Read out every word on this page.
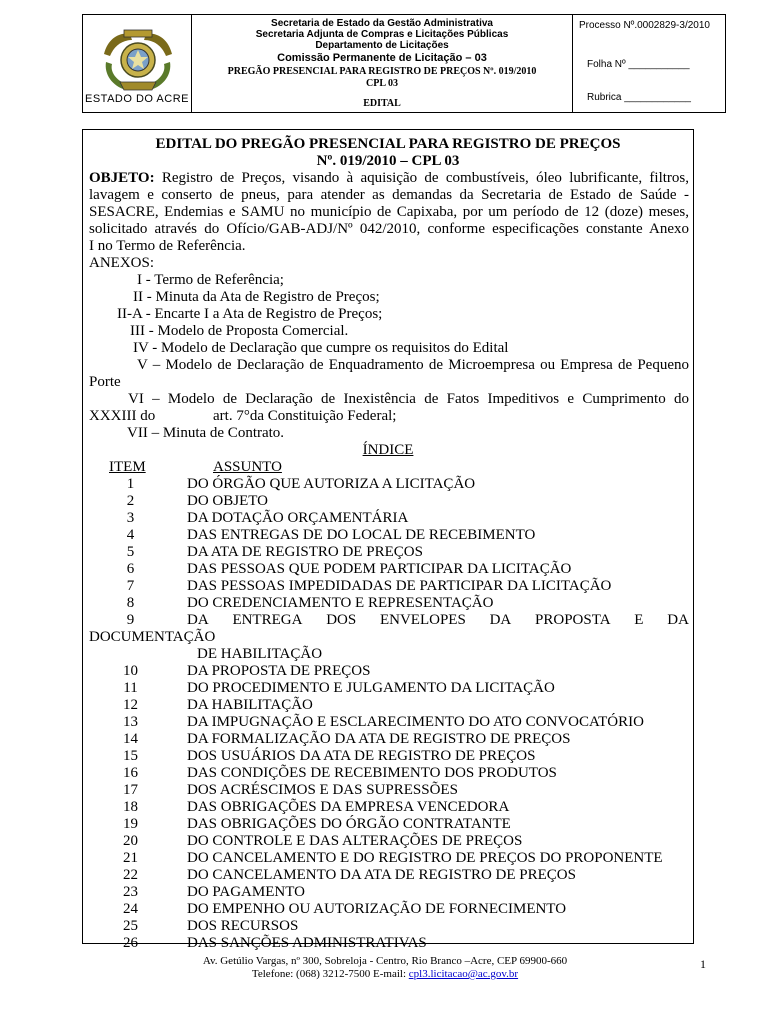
ESTADO DO ACRE
Secretaria de Estado da Gestão Administrativa
Secretaria Adjunta de Compras e Licitações Públicas
Departamento de Licitações
Comissão Permanente de Licitação – 03
PREGÃO PRESENCIAL PARA REGISTRO DE PREÇOS Nº. 019/2010
CPL 03
EDITAL
Processo Nº.0002829-3/2010
Folha Nº ___________
Rubrica ____________
EDITAL DO PREGÃO PRESENCIAL PARA REGISTRO DE PREÇOS
Nº. 019/2010 – CPL 03
OBJETO: Registro de Preços, visando à aquisição de combustíveis, óleo lubrificante, filtros,
lavagem e conserto de pneus, para atender as demandas da Secretaria de Estado de Saúde -
SESACRE, Endemias e SAMU no município de Capixaba, por um período de 12 (doze) meses,
solicitado através do Ofício/GAB-ADJ/Nº 042/2010, conforme especificações constante Anexo
I no Termo de Referência.
ANEXOS:
I - Termo de Referência;
II - Minuta da Ata de Registro de Preços;
II-A - Encarte I a Ata de Registro de Preços;
III - Modelo de Proposta Comercial.
IV - Modelo de Declaração que cumpre os requisitos do Edital
V – Modelo de Declaração de Enquadramento de Microempresa ou Empresa de Pequeno
Porte
VI – Modelo de Declaração de Inexistência de Fatos Impeditivos e Cumprimento do
XXXIII do	art. 7°da Constituição Federal;
VII – Minuta de Contrato.
ÍNDICE
ITEM	ASSUNTO
1	DO ÓRGÃO QUE AUTORIZA A LICITAÇÃO
2	DO OBJETO
3	DA DOTAÇÃO ORÇAMENTÁRIA
4	DAS ENTREGAS DE DO LOCAL DE RECEBIMENTO
5	DA ATA DE REGISTRO DE PREÇOS
6	DAS PESSOAS QUE PODEM PARTICIPAR DA LICITAÇÃO
7	DAS PESSOAS IMPEDIDADAS DE PARTICIPAR DA LICITAÇÃO
8	DO CREDENCIAMENTO E REPRESENTAÇÃO
9	DA ENTREGA DOS ENVELOPES DA PROPOSTA E DA
DOCUMENTAÇÃO
DE HABILITAÇÃO
10	DA PROPOSTA DE PREÇOS
11	DO PROCEDIMENTO E JULGAMENTO DA LICITAÇÃO
12	DA HABILITAÇÃO
13	DA IMPUGNAÇÃO E ESCLARECIMENTO DO ATO CONVOCATÓRIO
14	DA FORMALIZAÇÃO DA ATA DE REGISTRO DE PREÇOS
15	DOS USUÁRIOS DA ATA DE REGISTRO DE PREÇOS
16	DAS CONDIÇÕES DE RECEBIMENTO DOS PRODUTOS
17	DOS ACRÉSCIMOS E DAS SUPRESSÕES
18	DAS OBRIGAÇÕES DA EMPRESA VENCEDORA
19	DAS OBRIGAÇÕES DO ÓRGÃO CONTRATANTE
20	DO CONTROLE E DAS ALTERAÇÕES DE PREÇOS
21	DO CANCELAMENTO E DO REGISTRO DE PREÇOS DO PROPONENTE
22	DO CANCELAMENTO DA ATA DE REGISTRO DE PREÇOS
23	DO PAGAMENTO
24	DO EMPENHO OU AUTORIZAÇÃO DE FORNECIMENTO
25	DOS RECURSOS
26	DAS SANÇÕES ADMINISTRATIVAS
Av. Getúlio Vargas, nº 300, Sobreloja - Centro, Rio Branco –Acre, CEP 69900-660
Telefone: (068) 3212-7500 E-mail: cpl3.licitacao@ac.gov.br
1
